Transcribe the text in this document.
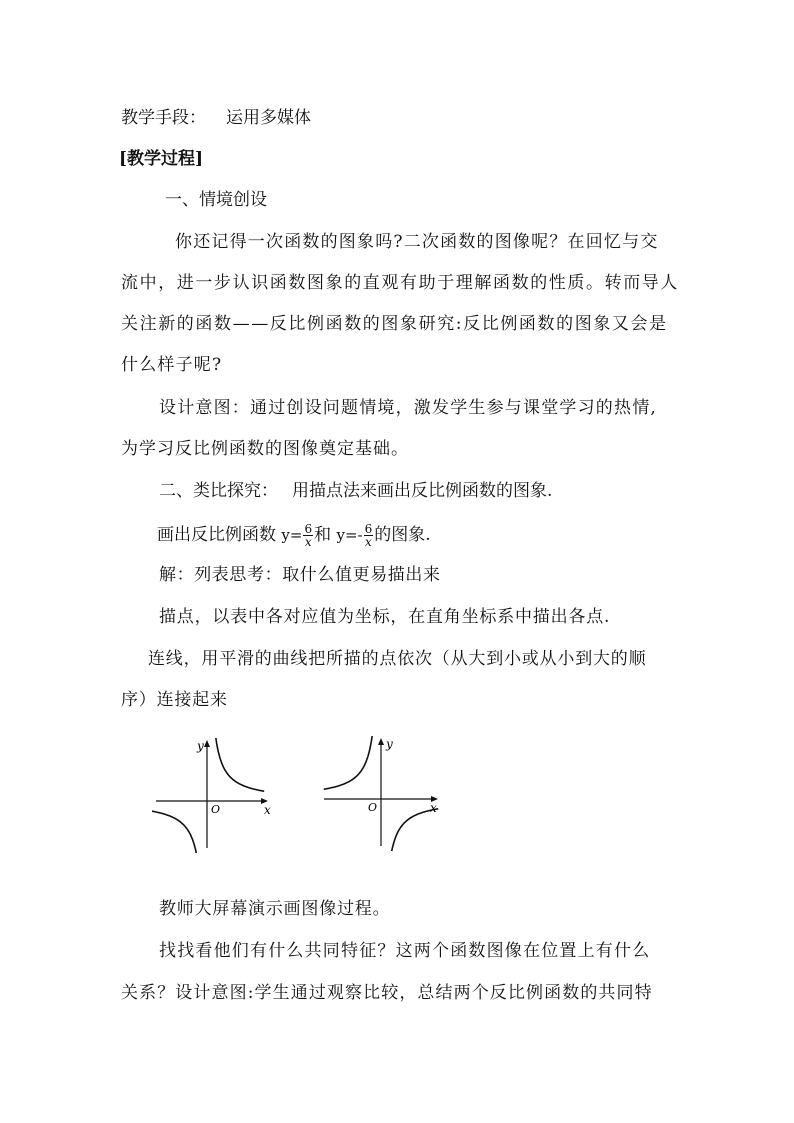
教学手段： 运用多媒体
[教学过程]
一、情境创设
你还记得一次函数的图象吗?二次函数的图像呢？在回忆与交
流中，进一步认识函数图象的直观有助于理解函数的性质。转而导人
关注新的函数——反比例函数的图象研究:反比例函数的图象又会是
什么样子呢?
设计意图：通过创设问题情境，激发学生参与课堂学习的热情,
为学习反比例函数的图像奠定基础。
二、类比探究： 用描点法来画出反比例函数的图象.
画出反比例函数 $y= \frac{6}{x}$ 和 $y=- \frac{6}{x}$ 的图象.
解：列表思考：取什么值更易描出来
描点，以表中各对应值为坐标，在直角坐标系中描出各点.
连线，用平滑的曲线把所描的点依次（从大到小或从小到大的顺
序）连接起来
y
x
O
y
x
O
教师大屏幕演示画图像过程。
找找看他们有什么共同特征？这两个函数图像在位置上有什么
关系？设计意图:学生通过观察比较，总结两个反比例函数的共同特
